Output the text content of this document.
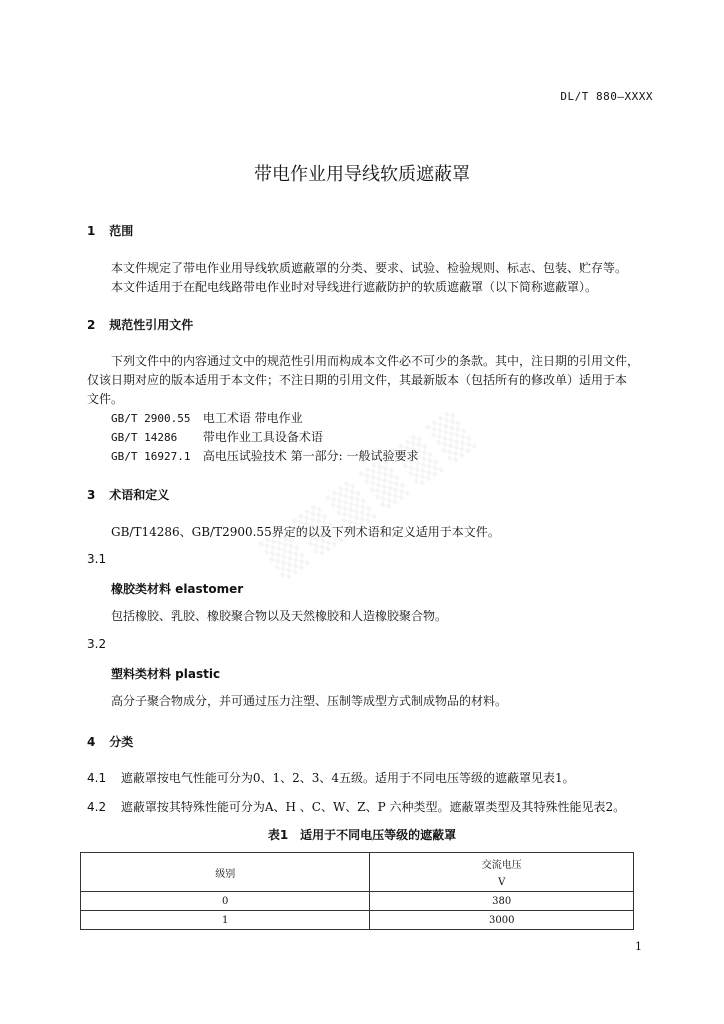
DL/T 880—XXXX
带电作业用导线软质遮蔽罩
1 范围
本文件规定了带电作业用导线软质遮蔽罩的分类、要求、试验、检验规则、标志、包装、贮存等。
本文件适用于在配电线路带电作业时对导线进行遮蔽防护的软质遮蔽罩（以下简称遮蔽罩）。
2 规范性引用文件
下列文件中的内容通过文中的规范性引用而构成本文件必不可少的条款。其中，注日期的引用文件，
仅该日期对应的版本适用于本文件；不注日期的引用文件，其最新版本（包括所有的修改单）适用于本
文件。
GB/T 2900.55 电工术语 带电作业
GB/T 14286 带电作业工具设备术语
GB/T 16927.1 高电压试验技术 第一部分: 一般试验要求
3 术语和定义
GB/T14286、GB/T2900.55界定的以及下列术语和定义适用于本文件。
3.1
橡胶类材料 elastomer
包括橡胶、乳胶、橡胶聚合物以及天然橡胶和人造橡胶聚合物。
3.2
塑料类材料 plastic
高分子聚合物成分，并可通过压力注塑、压制等成型方式制成物品的材料。
4 分类
4.1 遮蔽罩按电气性能可分为0、1、2、3、4五级。适用于不同电压等级的遮蔽罩见表1。
4.2 遮蔽罩按其特殊性能可分为A、H 、C、W、Z、P 六种类型。遮蔽罩类型及其特殊性能见表2。
表1　适用于不同电压等级的遮蔽罩
级别	交流电压
V

0	380
1	3000
1
